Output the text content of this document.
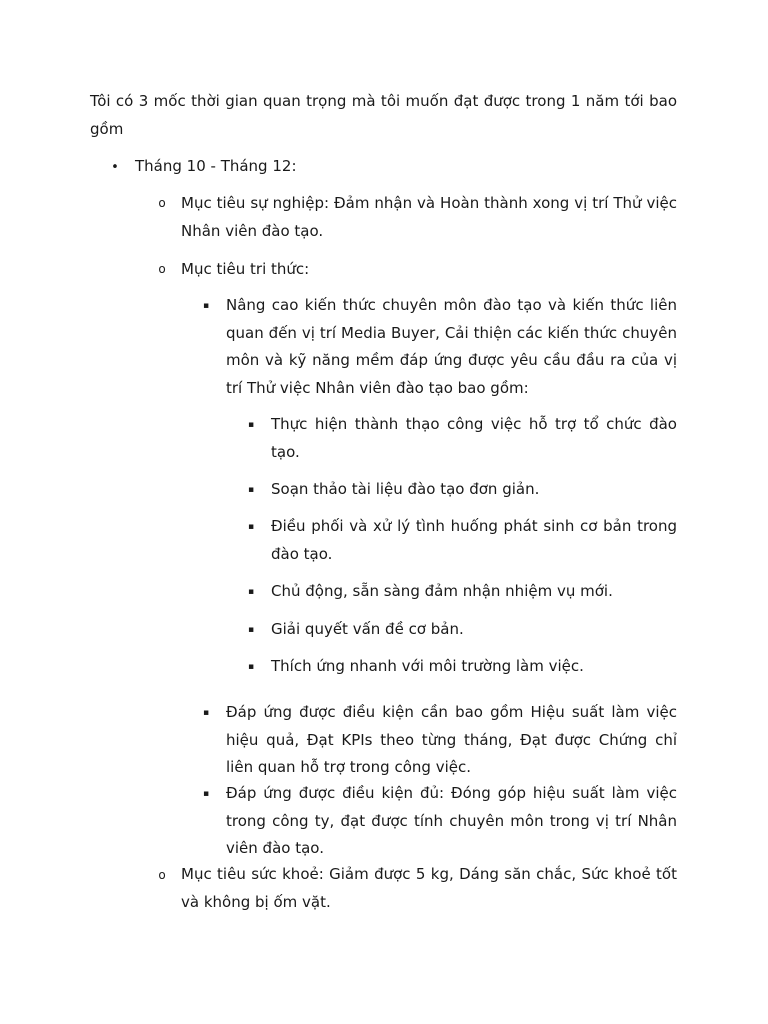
Tôi có 3 mốc thời gian quan trọng mà tôi muốn đạt được trong 1 năm tới bao gồm

• Tháng 10 - Tháng 12:

o Mục tiêu sự nghiệp: Đảm nhận và Hoàn thành xong vị trí Thử việc Nhân viên đào tạo.

o Mục tiêu tri thức:

▪ Nâng cao kiến thức chuyên môn đào tạo và kiến thức liên quan đến vị trí Media Buyer, Cải thiện các kiến thức chuyên môn và kỹ năng mềm đáp ứng được yêu cầu đầu ra của vị trí Thử việc Nhân viên đào tạo bao gồm:

▪ Thực hiện thành thạo công việc hỗ trợ tổ chức đào tạo.

▪ Soạn thảo tài liệu đào tạo đơn giản.

▪ Điều phối và xử lý tình huống phát sinh cơ bản trong đào tạo.

▪ Chủ động, sẵn sàng đảm nhận nhiệm vụ mới.

▪ Giải quyết vấn đề cơ bản.

▪ Thích ứng nhanh với môi trường làm việc.

▪ Đáp ứng được điều kiện cần bao gồm Hiệu suất làm việc hiệu quả, Đạt KPIs theo từng tháng, Đạt được Chứng chỉ liên quan hỗ trợ trong công việc.

▪ Đáp ứng được điều kiện đủ: Đóng góp hiệu suất làm việc trong công ty, đạt được tính chuyên môn trong vị trí Nhân viên đào tạo.

o Mục tiêu sức khoẻ: Giảm được 5 kg, Dáng săn chắc, Sức khoẻ tốt và không bị ốm vặt.
